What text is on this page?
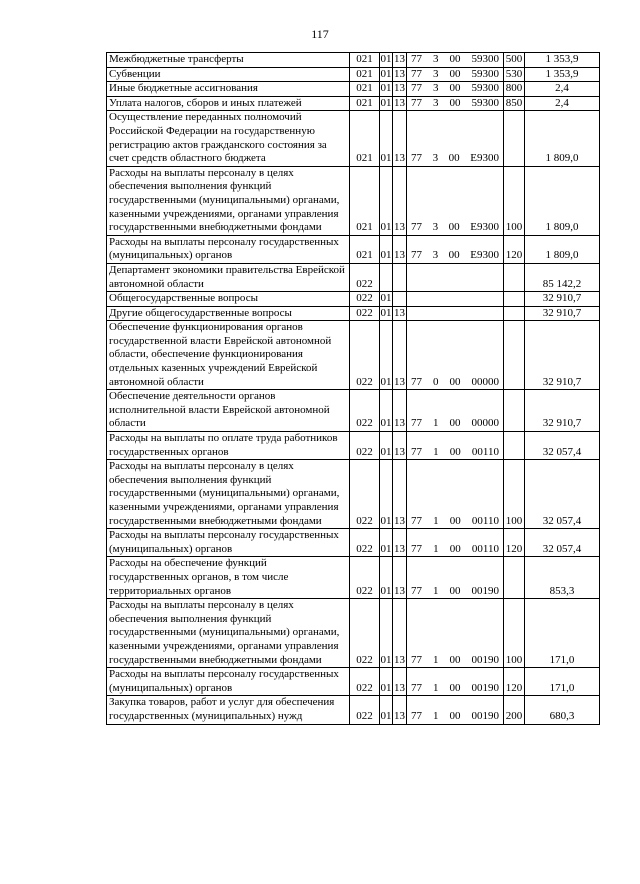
117
Межбюджетные трансферты	021	01	13	77 3 00 59300	500	1 353,9

Субвенции	021	01	13	77 3 00 59300	530	1 353,9

Иные бюджетные ассигнования	021	01	13	77 3 00 59300	800	2,4

Уплата налогов, сборов и иных платежей	021	01	13	77 3 00 59300	850	2,4

Осуществление переданных полномочий Российской Федерации на государственную регистрацию актов гражданского состояния за счет средств областного бюджета	021	01	13	77 3 00 E9300		1 809,0

Расходы на выплаты персоналу в целях обеспечения выполнения функций государственными (муниципальными) органами, казенными учреждениями, органами управления государственными внебюджетными фондами	021	01	13	77 3 00 E9300	100	1 809,0

Расходы на выплаты персоналу государственных (муниципальных) органов	021	01	13	77 3 00 E9300	120	1 809,0

Департамент экономики правительства Еврейской автономной области	022					85 142,2

Общегосударственные вопросы	022	01				32 910,7

Другие общегосударственные вопросы	022	01	13			32 910,7

Обеспечение функционирования органов государственной власти Еврейской автономной области, обеспечение функционирования отдельных казенных учреждений Еврейской автономной области	022	01	13	77 0 00 00000		32 910,7

Обеспечение деятельности органов исполнительной власти Еврейской автономной области	022	01	13	77 1 00 00000		32 910,7

Расходы на выплаты по оплате труда работников государственных органов	022	01	13	77 1 00 00110		32 057,4

Расходы на выплаты персоналу в целях обеспечения выполнения функций государственными (муниципальными) органами, казенными учреждениями, органами управления государственными внебюджетными фондами	022	01	13	77 1 00 00110	100	32 057,4

Расходы на выплаты персоналу государственных (муниципальных) органов	022	01	13	77 1 00 00110	120	32 057,4

Расходы на обеспечение функций государственных органов, в том числе территориальных органов	022	01	13	77 1 00 00190		853,3

Расходы на выплаты персоналу в целях обеспечения выполнения функций государственными (муниципальными) органами, казенными учреждениями, органами управления государственными внебюджетными фондами	022	01	13	77 1 00 00190	100	171,0

Расходы на выплаты персоналу государственных (муниципальных) органов	022	01	13	77 1 00 00190	120	171,0

Закупка товаров, работ и услуг для обеспечения государственных (муниципальных) нужд	022	01	13	77 1 00 00190	200	680,3
